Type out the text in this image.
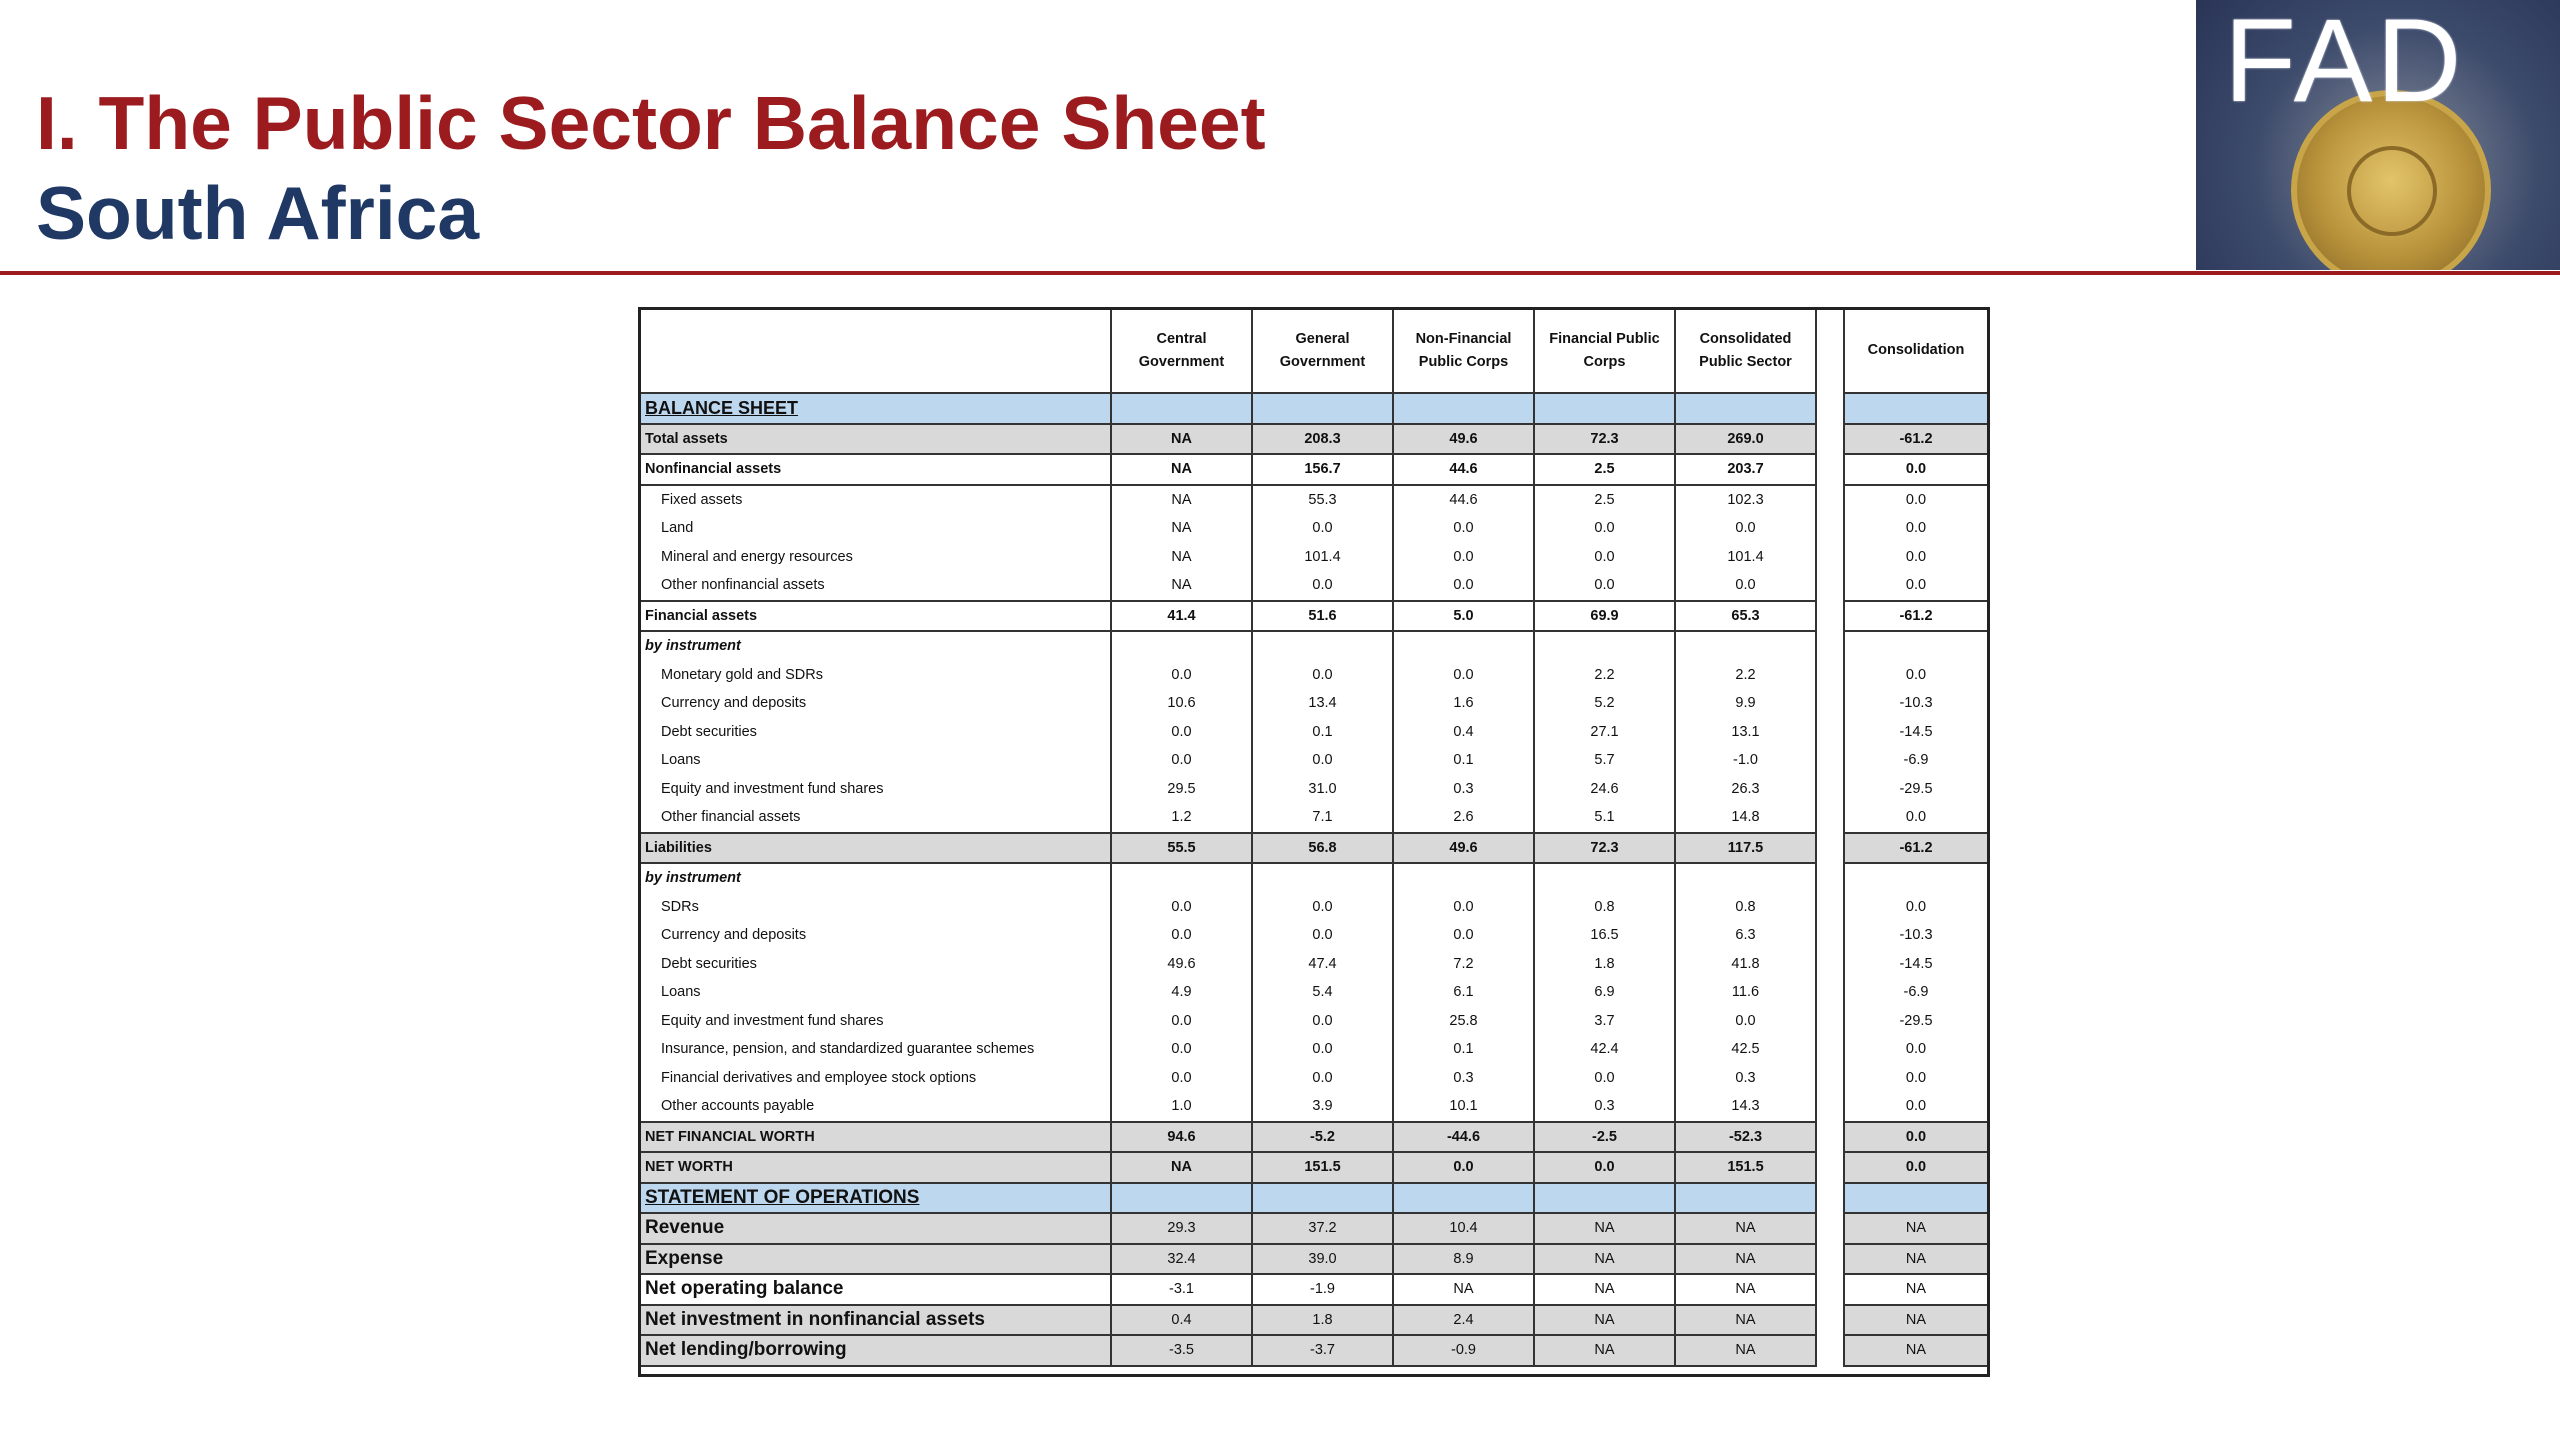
I. The Public Sector Balance Sheet
South Africa
FAD
	Central Government	General Government	Non-Financial Public Corps	Financial Public Corps	Consolidated Public Sector		Consolidation
BALANCE SHEET							
Total assets	NA	208.3	49.6	72.3	269.0		-61.2
Nonfinancial assets	NA	156.7	44.6	2.5	203.7		0.0
Fixed assets	NA	55.3	44.6	2.5	102.3		0.0
Land	NA	0.0	0.0	0.0	0.0		0.0
Mineral and energy resources	NA	101.4	0.0	0.0	101.4		0.0
Other nonfinancial assets	NA	0.0	0.0	0.0	0.0		0.0
Financial assets	41.4	51.6	5.0	69.9	65.3		-61.2
by instrument							
Monetary gold and SDRs	0.0	0.0	0.0	2.2	2.2		0.0
Currency and deposits	10.6	13.4	1.6	5.2	9.9		-10.3
Debt securities	0.0	0.1	0.4	27.1	13.1		-14.5
Loans	0.0	0.0	0.1	5.7	-1.0		-6.9
Equity and investment fund shares	29.5	31.0	0.3	24.6	26.3		-29.5
Other financial assets	1.2	7.1	2.6	5.1	14.8		0.0
Liabilities	55.5	56.8	49.6	72.3	117.5		-61.2
by instrument							
SDRs	0.0	0.0	0.0	0.8	0.8		0.0
Currency and deposits	0.0	0.0	0.0	16.5	6.3		-10.3
Debt securities	49.6	47.4	7.2	1.8	41.8		-14.5
Loans	4.9	5.4	6.1	6.9	11.6		-6.9
Equity and investment fund shares	0.0	0.0	25.8	3.7	0.0		-29.5
Insurance, pension, and standardized guarantee schemes	0.0	0.0	0.1	42.4	42.5		0.0
Financial derivatives and employee stock options	0.0	0.0	0.3	0.0	0.3		0.0
Other accounts payable	1.0	3.9	10.1	0.3	14.3		0.0
NET FINANCIAL WORTH	94.6	-5.2	-44.6	-2.5	-52.3		0.0
NET WORTH	NA	151.5	0.0	0.0	151.5		0.0
STATEMENT OF OPERATIONS							
Revenue	29.3	37.2	10.4	NA	NA		NA
Expense	32.4	39.0	8.9	NA	NA		NA
Net operating balance	-3.1	-1.9	NA	NA	NA		NA
Net investment in nonfinancial assets	0.4	1.8	2.4	NA	NA		NA
Net lending/borrowing	-3.5	-3.7	-0.9	NA	NA		NA
